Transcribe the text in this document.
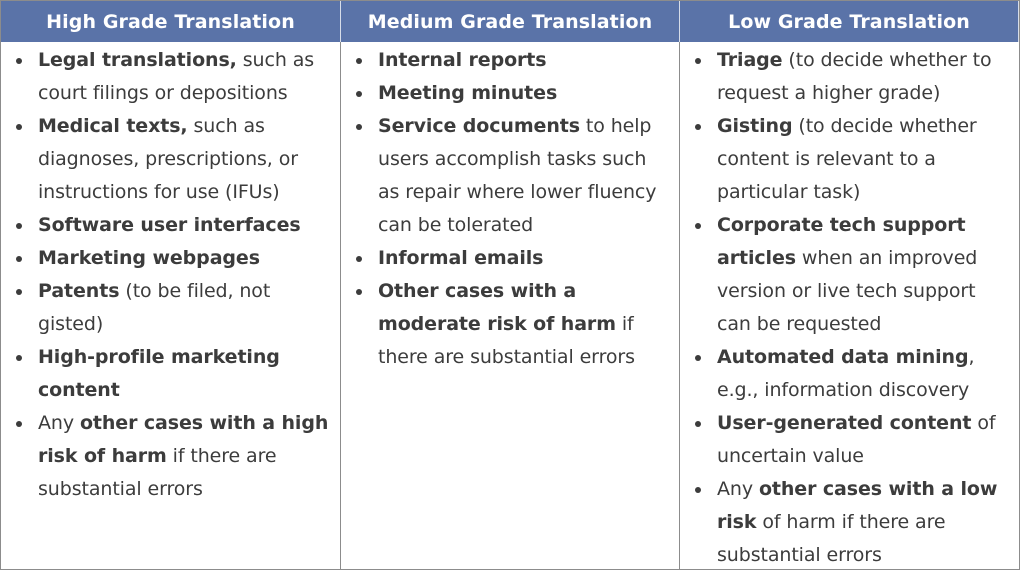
High Grade Translation	Medium Grade Translation	Low Grade Translation
Legal translations, such as court filings or depositions
Medical texts, such as diagnoses, prescriptions, or instructions for use (IFUs)
Software user interfaces
Marketing webpages
Patents (to be filed, not gisted)
High-profile marketing content
Any other cases with a high risk of harm if there are substantial errors
Internal reports
Meeting minutes
Service documents to help users accomplish tasks such as repair where lower fluency can be tolerated
Informal emails
Other cases with a moderate risk of harm if there are substantial errors
Triage (to decide whether to request a higher grade)
Gisting (to decide whether content is relevant to a particular task)
Corporate tech support articles when an improved version or live tech support can be requested
Automated data mining, e.g., information discovery
User-generated content of uncertain value
Any other cases with a low risk of harm if there are substantial errors
